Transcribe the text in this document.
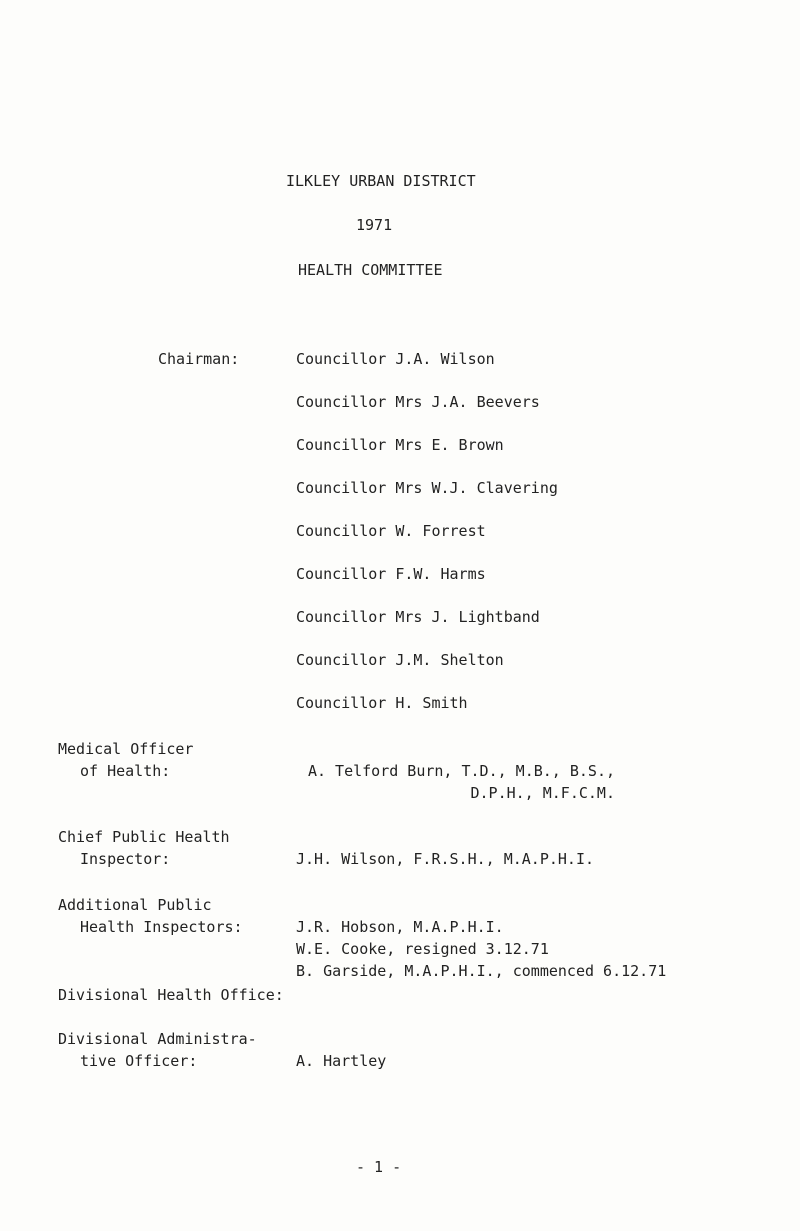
ILKLEY URBAN DISTRICT
1971
HEALTH COMMITTEE
Chairman:	Councillor J.A. Wilson
Councillor Mrs J.A. Beevers
Councillor Mrs E. Brown
Councillor Mrs W.J. Clavering
Councillor W. Forrest
Councillor F.W. Harms
Councillor Mrs J. Lightband
Councillor J.M. Shelton
Councillor H. Smith
Medical Officer
of Health:	A. Telford Burn, T.D., M.B., B.S.,
D.P.H., M.F.C.M.
Chief Public Health
Inspector:	J.H. Wilson, F.R.S.H., M.A.P.H.I.
Additional Public
Health Inspectors:	J.R. Hobson, M.A.P.H.I.
W.E. Cooke, resigned 3.12.71
B. Garside, M.A.P.H.I., commenced 6.12.71
Divisional Health Office:
Divisional Administra-
tive Officer:	A. Hartley
- 1 -
